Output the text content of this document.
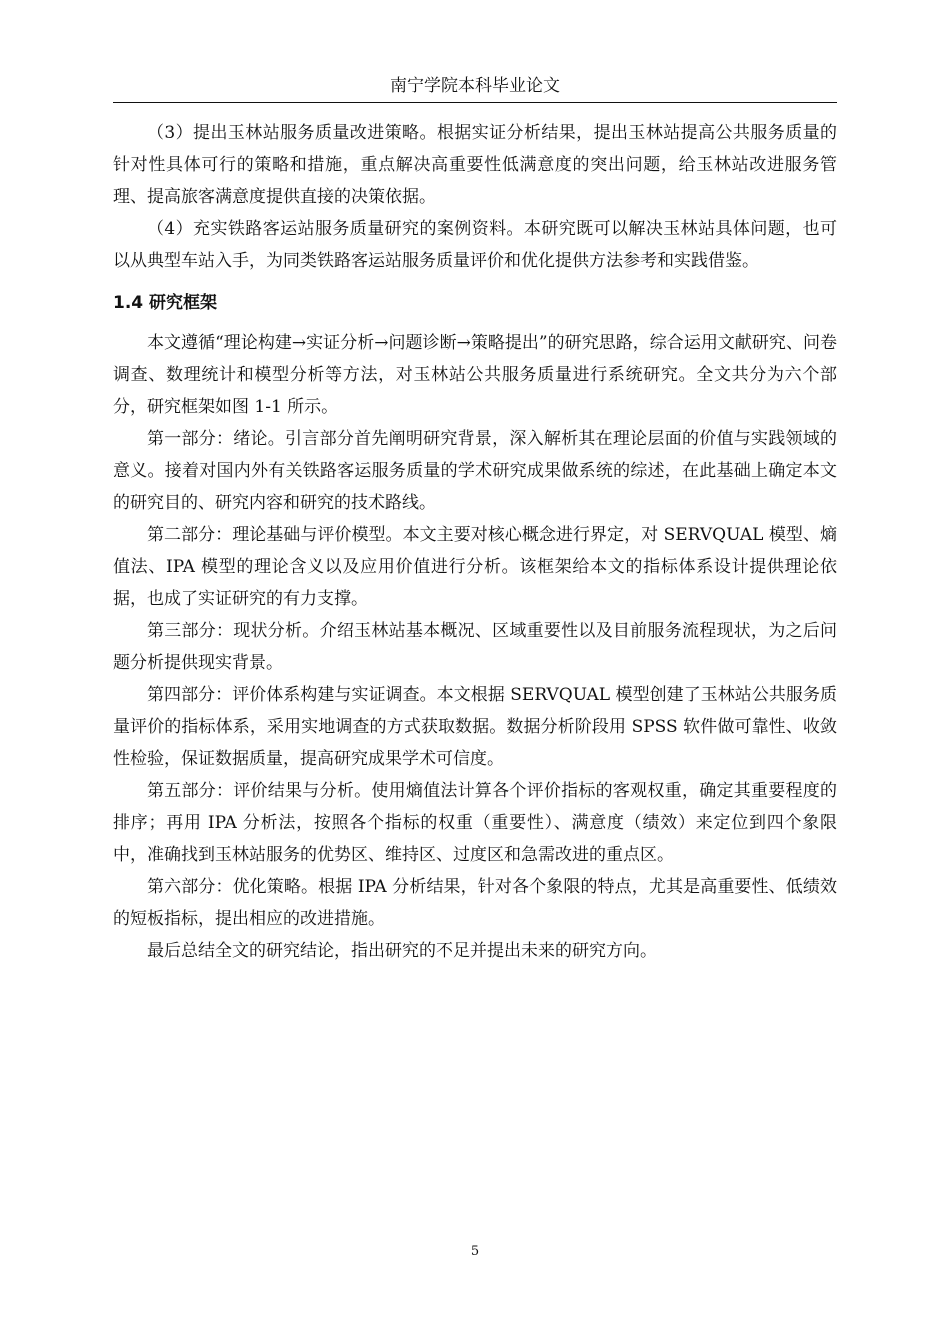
南宁学院本科毕业论文

（3）提出玉林站服务质量改进策略。根据实证分析结果，提出玉林站提高公共服务质量的针对性具体可行的策略和措施，重点解决高重要性低满意度的突出问题，给玉林站改进服务管理、提高旅客满意度提供直接的决策依据。

（4）充实铁路客运站服务质量研究的案例资料。本研究既可以解决玉林站具体问题，也可以从典型车站入手，为同类铁路客运站服务质量评价和优化提供方法参考和实践借鉴。

1.4 研究框架

本文遵循“理论构建→实证分析→问题诊断→策略提出”的研究思路，综合运用文献研究、问卷调查、数理统计和模型分析等方法，对玉林站公共服务质量进行系统研究。全文共分为六个部分，研究框架如图 1-1 所示。

第一部分：绪论。引言部分首先阐明研究背景，深入解析其在理论层面的价值与实践领域的意义。接着对国内外有关铁路客运服务质量的学术研究成果做系统的综述，在此基础上确定本文的研究目的、研究内容和研究的技术路线。

第二部分：理论基础与评价模型。本文主要对核心概念进行界定，对 SERVQUAL 模型、熵值法、IPA 模型的理论含义以及应用价值进行分析。该框架给本文的指标体系设计提供理论依据，也成了实证研究的有力支撑。

第三部分：现状分析。介绍玉林站基本概况、区域重要性以及目前服务流程现状，为之后问题分析提供现实背景。

第四部分：评价体系构建与实证调查。本文根据 SERVQUAL 模型创建了玉林站公共服务质量评价的指标体系，采用实地调查的方式获取数据。数据分析阶段用 SPSS 软件做可靠性、收敛性检验，保证数据质量，提高研究成果学术可信度。

第五部分：评价结果与分析。使用熵值法计算各个评价指标的客观权重，确定其重要程度的排序；再用 IPA 分析法，按照各个指标的权重（重要性）、满意度（绩效）来定位到四个象限中，准确找到玉林站服务的优势区、维持区、过度区和急需改进的重点区。

第六部分：优化策略。根据 IPA 分析结果，针对各个象限的特点，尤其是高重要性、低绩效的短板指标，提出相应的改进措施。

最后总结全文的研究结论，指出研究的不足并提出未来的研究方向。

5
